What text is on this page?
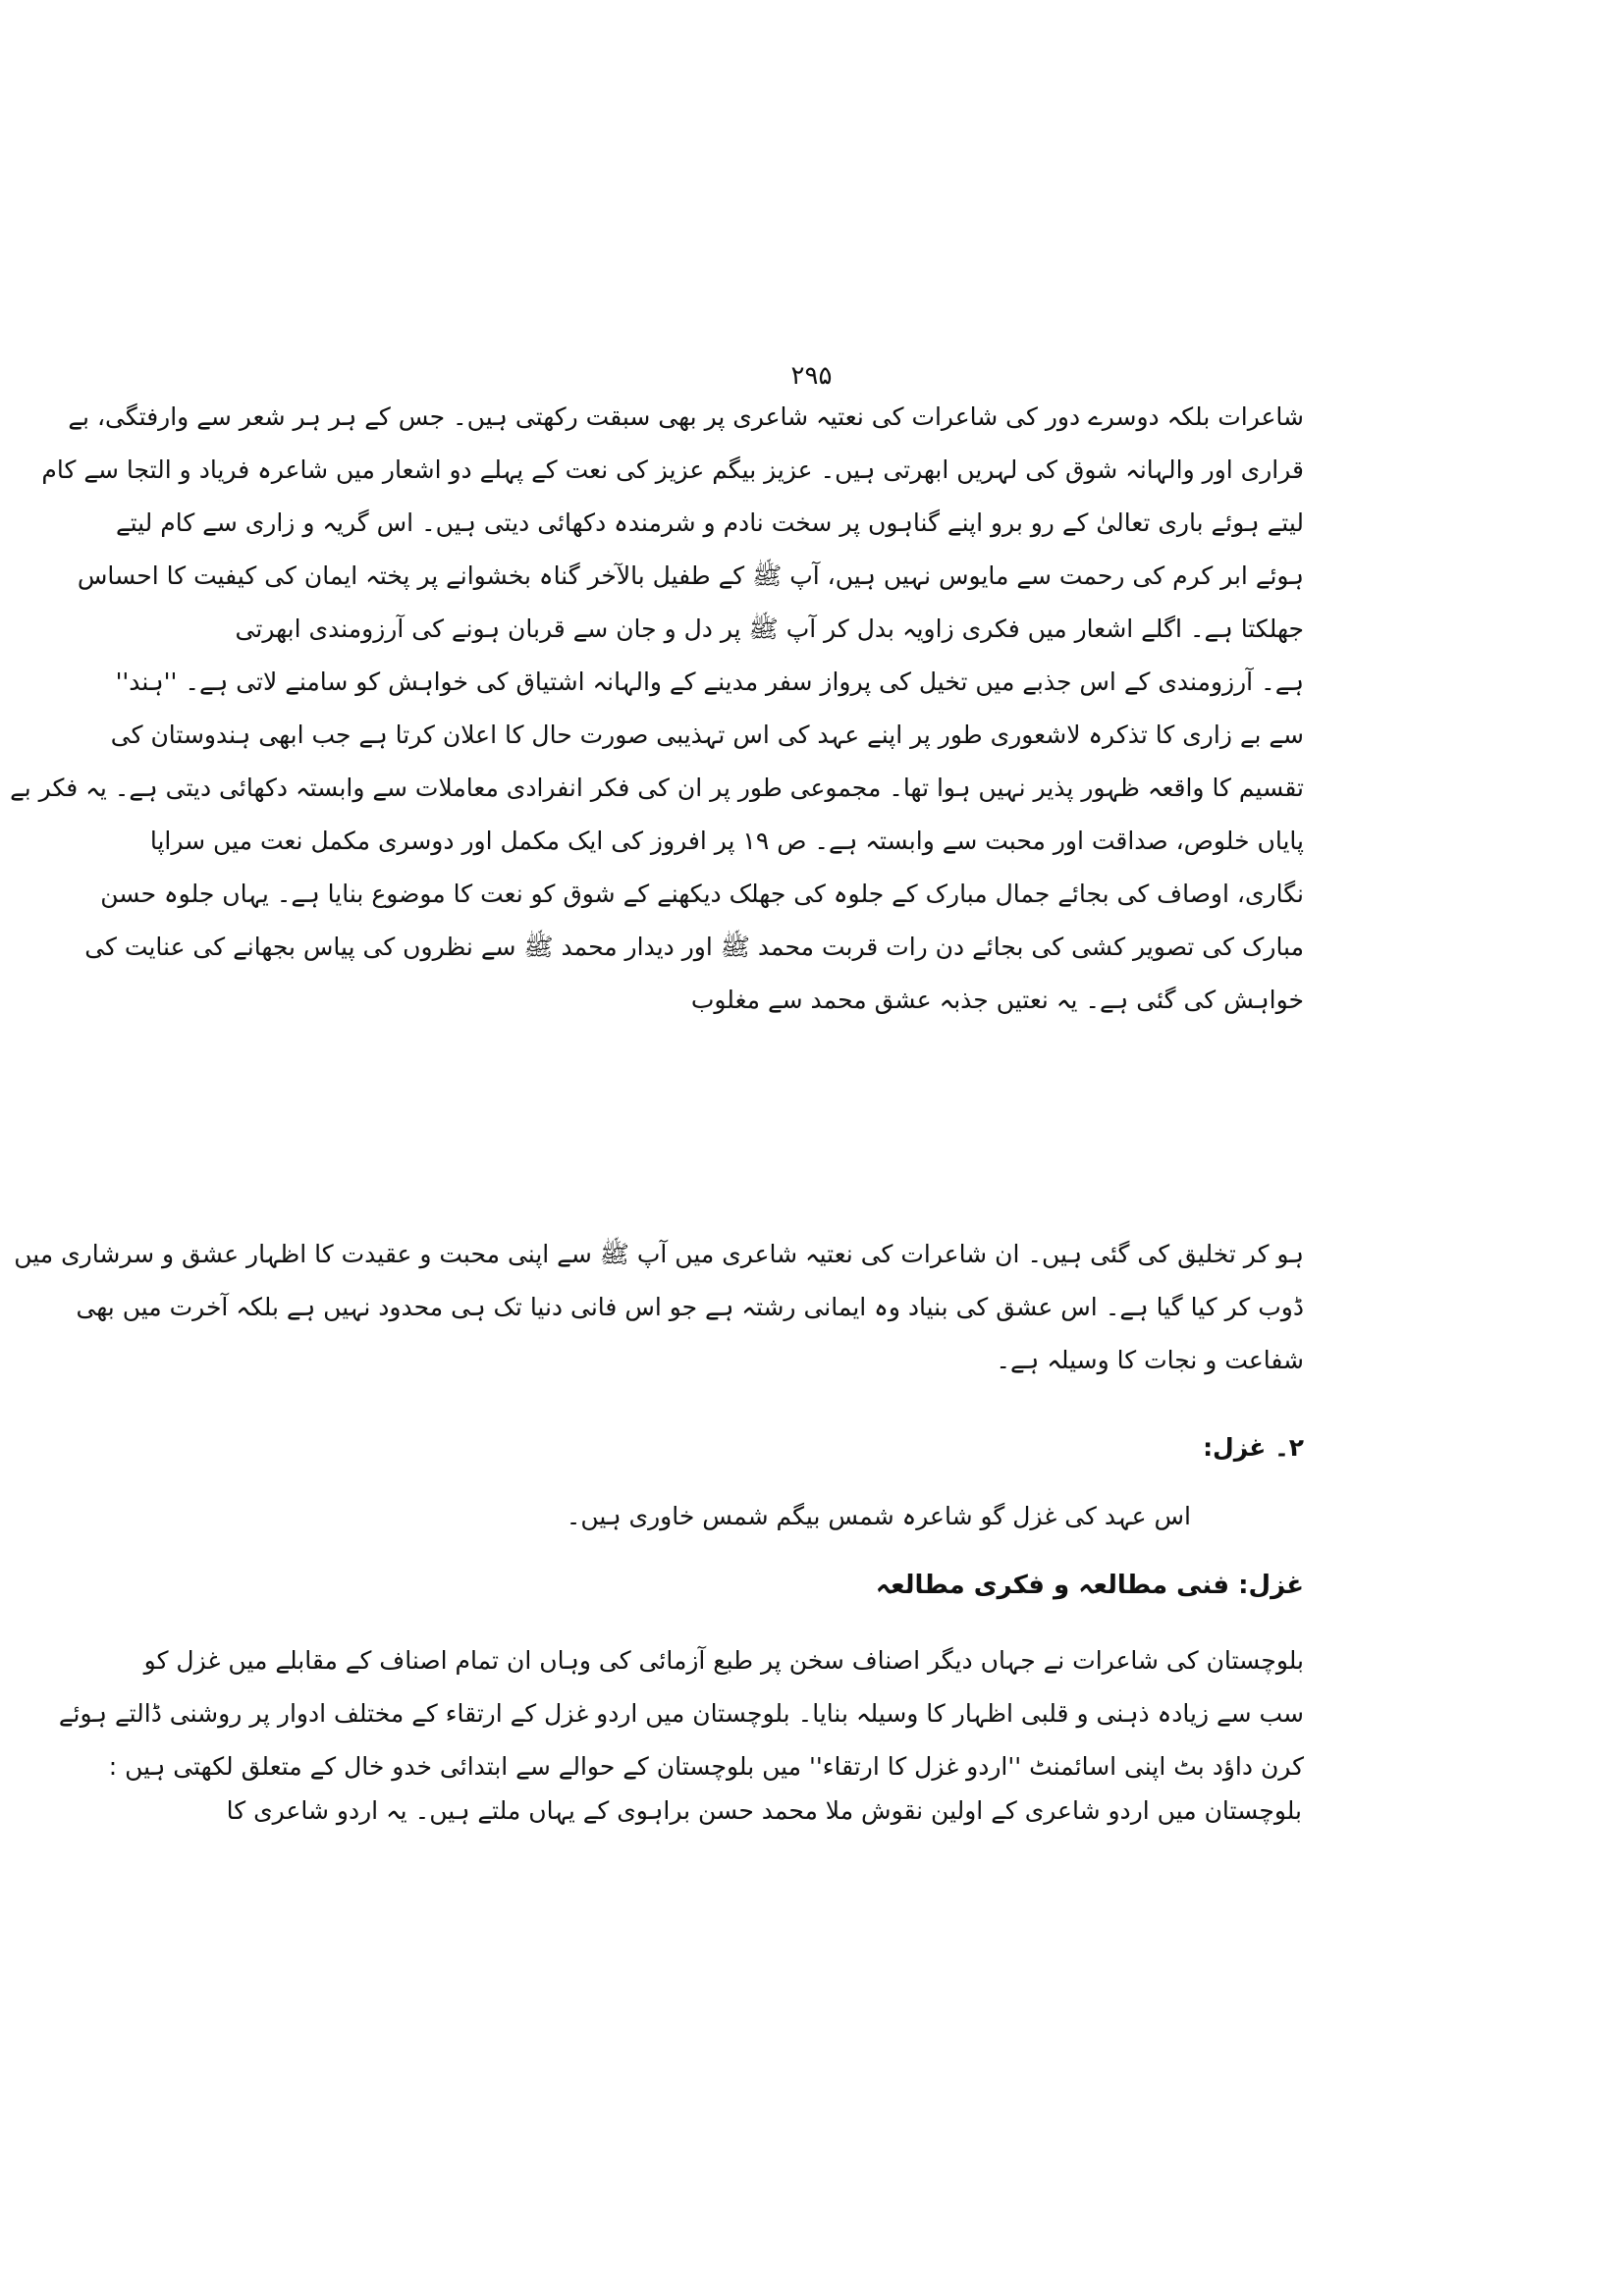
۲۹۵
شاعرات بلکہ دوسرے دور کی شاعرات کی نعتیہ شاعری پر بھی سبقت رکھتی ہیں۔ جس کے ہر ہر شعر سے وارفتگی، بے
قراری اور والہانہ شوق کی لہریں ابھرتی ہیں۔ عزیز بیگم عزیز کی نعت کے پہلے دو اشعار میں شاعرہ فریاد و التجا سے کام
لیتے ہوئے باری تعالیٰ کے رو برو اپنے گناہوں پر سخت نادم و شرمندہ دکھائی دیتی ہیں۔ اس گریہ و زاری سے کام لیتے
ہوئے ابر کرم کی رحمت سے مایوس نہیں ہیں، آپ ﷺ کے طفیل بالآخر گناہ بخشوانے پر پختہ ایمان کی کیفیت کا احساس
جھلکتا ہے۔ اگلے اشعار میں فکری زاویہ بدل کر آپ ﷺ پر دل و جان سے قربان ہونے کی آرزومندی ابھرتی
ہے۔ آرزومندی کے اس جذبے میں تخیل کی پرواز سفر مدینے کے والہانہ اشتیاق کی خواہش کو سامنے لاتی ہے۔ ''ہند''
سے بے زاری کا تذکرہ لاشعوری طور پر اپنے عہد کی اس تہذیبی صورت حال کا اعلان کرتا ہے جب ابھی ہندوستان کی
تقسیم کا واقعہ ظہور پذیر نہیں ہوا تھا۔ مجموعی طور پر ان کی فکر انفرادی معاملات سے وابستہ دکھائی دیتی ہے۔ یہ فکر بے
پایاں خلوص، صداقت اور محبت سے وابستہ ہے۔ ص ۱۹ پر افروز کی ایک مکمل اور دوسری مکمل نعت میں سراپا
نگاری، اوصاف کی بجائے جمال مبارک کے جلوہ کی جھلک دیکھنے کے شوق کو نعت کا موضوع بنایا ہے۔ یہاں جلوہ حسن
مبارک کی تصویر کشی کی بجائے دن رات قربت محمد ﷺ اور دیدار محمد ﷺ سے نظروں کی پیاس بجھانے کی عنایت کی
خواہش کی گئی ہے۔ یہ نعتیں جذبہ عشق محمد سے مغلوب
ہو کر تخلیق کی گئی ہیں۔ ان شاعرات کی نعتیہ شاعری میں آپ ﷺ سے اپنی محبت و عقیدت کا اظہار عشق و سرشاری میں
ڈوب کر کیا گیا ہے۔ اس عشق کی بنیاد وہ ایمانی رشتہ ہے جو اس فانی دنیا تک ہی محدود نہیں ہے بلکہ آخرت میں بھی
شفاعت و نجات کا وسیلہ ہے۔
۲۔ غزل:
اس عہد کی غزل گو شاعرہ شمس بیگم شمس خاوری ہیں۔
غزل: فنی مطالعہ و فکری مطالعہ
بلوچستان کی شاعرات نے جہاں دیگر اصناف سخن پر طبع آزمائی کی وہاں ان تمام اصناف کے مقابلے میں غزل کو
سب سے زیادہ ذہنی و قلبی اظہار کا وسیلہ بنایا۔ بلوچستان میں اردو غزل کے ارتقاء کے مختلف ادوار پر روشنی ڈالتے ہوئے
کرن داؤد بٹ اپنی اسائمنٹ ''اردو غزل کا ارتقاء'' میں بلوچستان کے حوالے سے ابتدائی خدو خال کے متعلق لکھتی ہیں :
بلوچستان میں اردو شاعری کے اولین نقوش ملا محمد حسن براہوی کے یہاں ملتے ہیں۔ یہ اردو شاعری کا
